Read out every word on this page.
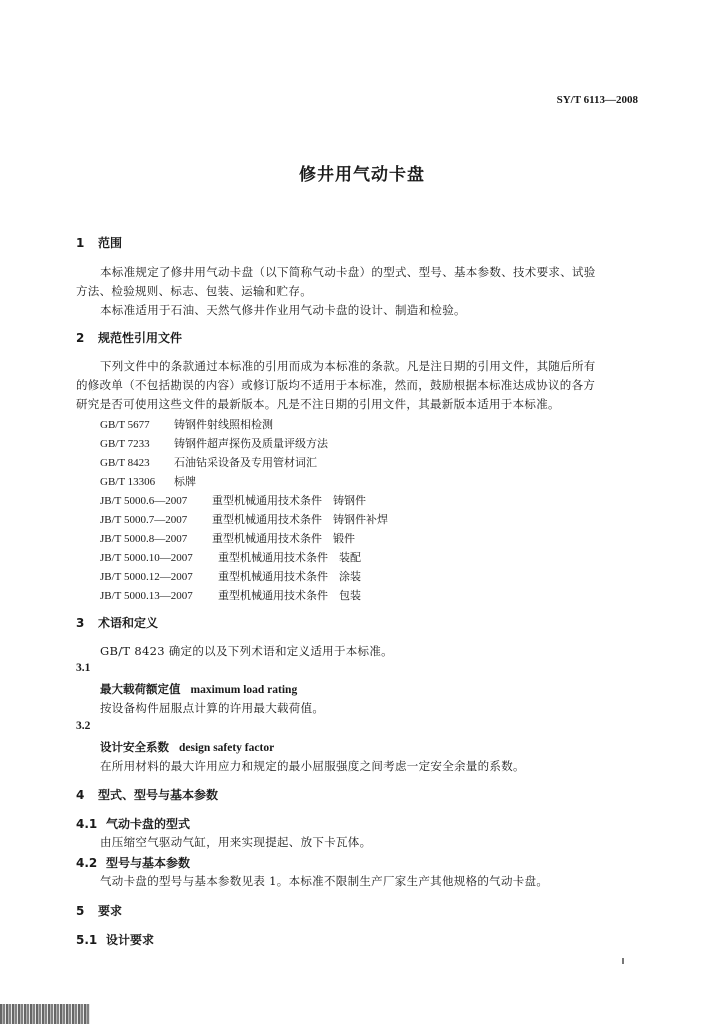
SY/T 6113—2008
修井用气动卡盘
1 范围
本标准规定了修井用气动卡盘（以下简称气动卡盘）的型式、型号、基本参数、技术要求、试验
方法、检验规则、标志、包装、运输和贮存。
本标准适用于石油、天然气修井作业用气动卡盘的设计、制造和检验。
2 规范性引用文件
下列文件中的条款通过本标准的引用而成为本标准的条款。凡是注日期的引用文件，其随后所有
的修改单（不包括勘误的内容）或修订版均不适用于本标准，然而，鼓励根据本标准达成协议的各方
研究是否可使用这些文件的最新版本。凡是不注日期的引用文件，其最新版本适用于本标准。
GB/T 5677 铸钢件射线照相检测
GB/T 7233 铸钢件超声探伤及质量评级方法
GB/T 8423 石油钻采设备及专用管材词汇
GB/T 13306 标牌
JB/T 5000.6—2007 重型机械通用技术条件　铸钢件
JB/T 5000.7—2007 重型机械通用技术条件　铸钢件补焊
JB/T 5000.8—2007 重型机械通用技术条件　锻件
JB/T 5000.10—2007 重型机械通用技术条件　装配
JB/T 5000.12—2007 重型机械通用技术条件　涂装
JB/T 5000.13—2007 重型机械通用技术条件　包装
3 术语和定义
GB/T 8423 确定的以及下列术语和定义适用于本标准。
3.1
最大载荷额定值 maximum load rating
按设备构件屈服点计算的许用最大载荷值。
3.2
设计安全系数 design safety factor
在所用材料的最大许用应力和规定的最小屈服强度之间考虑一定安全余量的系数。
4 型式、型号与基本参数
4.1 气动卡盘的型式
由压缩空气驱动气缸，用来实现提起、放下卡瓦体。
4.2 型号与基本参数
气动卡盘的型号与基本参数见表 1。本标准不限制生产厂家生产其他规格的气动卡盘。
5 要求
5.1 设计要求
